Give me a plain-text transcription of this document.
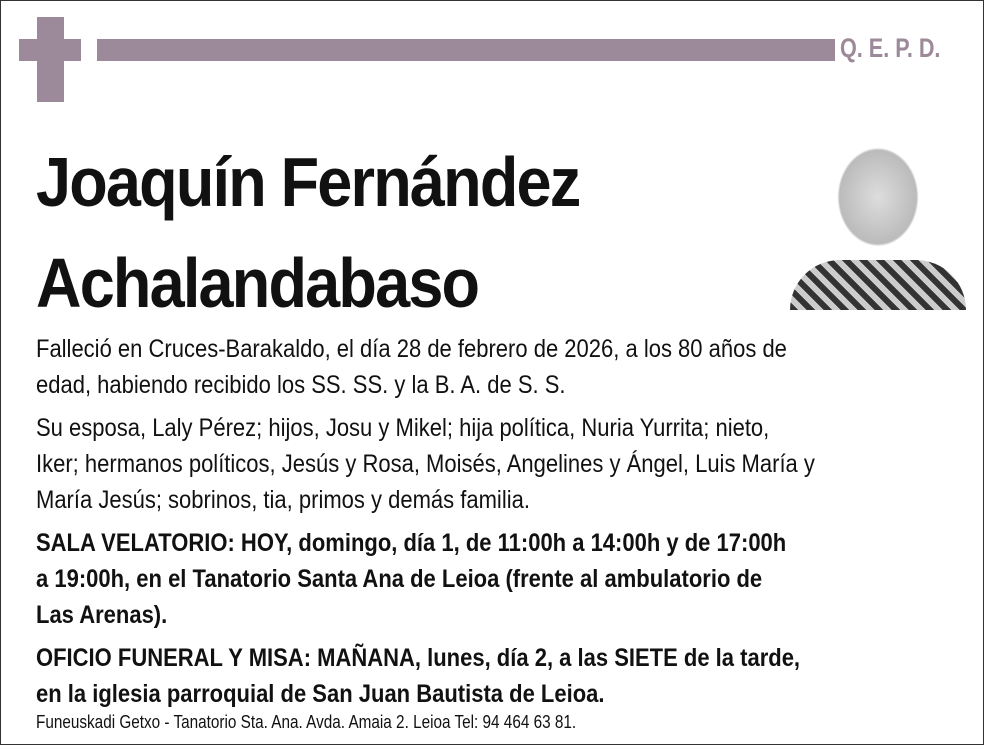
Q. E. P. D.
Joaquín Fernández
Achalandabaso
Falleció en Cruces-Barakaldo, el día 28 de febrero de 2026, a los 80 años de
edad, habiendo recibido los SS. SS. y la B. A. de S. S.
Su esposa, Laly Pérez; hijos, Josu y Mikel; hija política, Nuria Yurrita; nieto,
Iker; hermanos políticos, Jesús y Rosa, Moisés, Angelines y Ángel, Luis María y
María Jesús; sobrinos, tia, primos y demás familia.
SALA VELATORIO: HOY, domingo, día 1, de 11:00h a 14:00h y de 17:00h
a 19:00h, en el Tanatorio Santa Ana de Leioa (frente al ambulatorio de
Las Arenas).
OFICIO FUNERAL Y MISA: MAÑANA, lunes, día 2, a las SIETE de la tarde,
en la iglesia parroquial de San Juan Bautista de Leioa.
Funeuskadi Getxo - Tanatorio Sta. Ana. Avda. Amaia 2. Leioa Tel: 94 464 63 81.
